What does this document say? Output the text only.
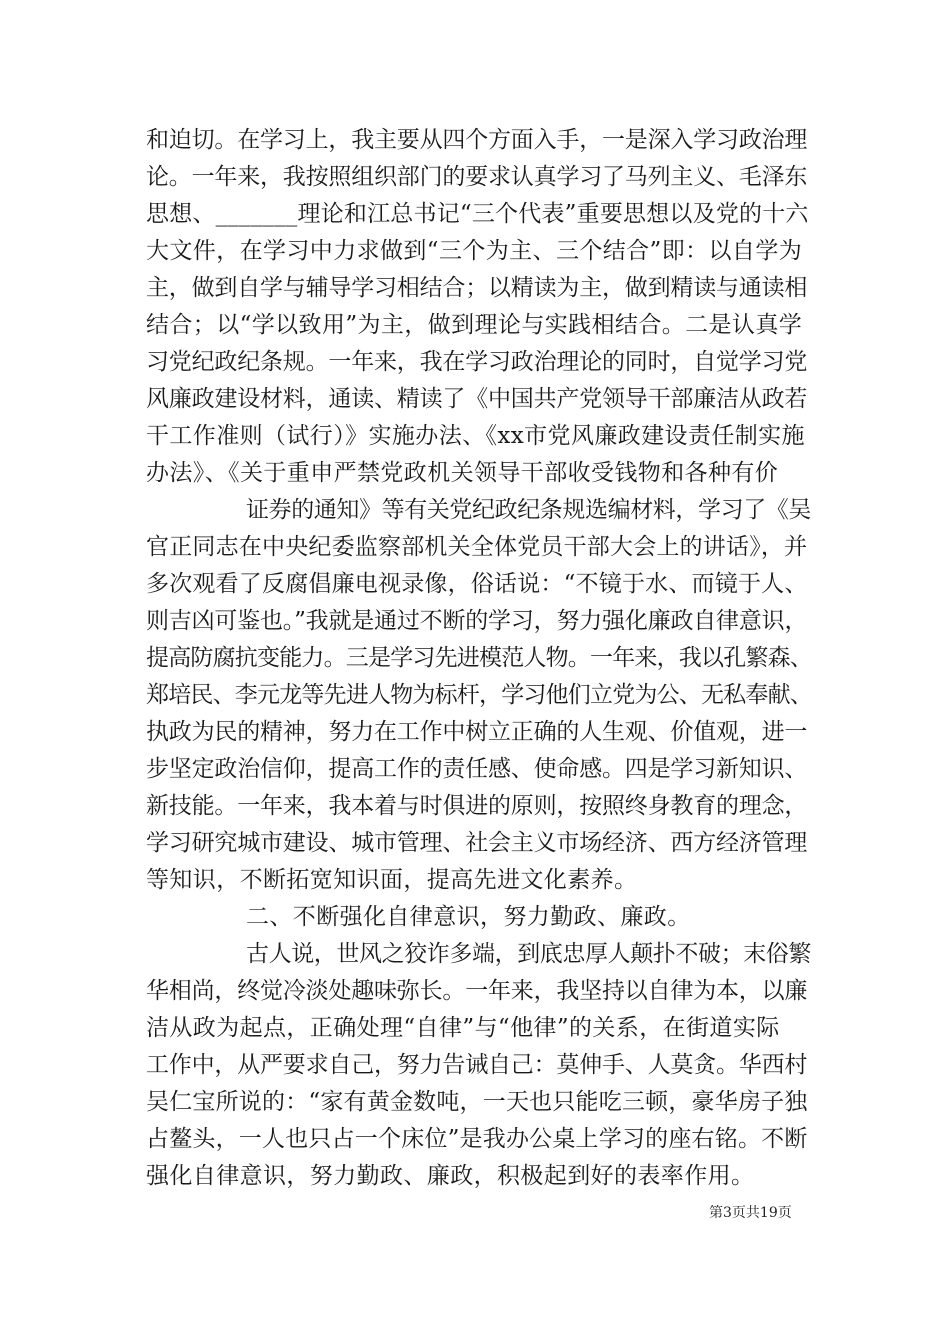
和迫切。在学习上，我主要从四个方面入手，一是深入学习政治理
论。一年来，我按照组织部门的要求认真学习了马列主义、毛泽东
思想、_______理论和江总书记“三个代表”重要思想以及党的十六
大文件，在学习中力求做到“三个为主、三个结合”即：以自学为
主，做到自学与辅导学习相结合；以精读为主，做到精读与通读相
结合；以“学以致用”为主，做到理论与实践相结合。二是认真学
习党纪政纪条规。一年来，我在学习政治理论的同时，自觉学习党
风廉政建设材料，通读、精读了《中国共产党领导干部廉洁从政若
干工作准则（试行）》实施办法、《xx市党风廉政建设责任制实施
办法》、《关于重申严禁党政机关领导干部收受钱物和各种有价
证券的通知》等有关党纪政纪条规选编材料，学习了《吴
官正同志在中央纪委监察部机关全体党员干部大会上的讲话》，并
多次观看了反腐倡廉电视录像，俗话说：“不镜于水、而镜于人、
则吉凶可鉴也。”我就是通过不断的学习，努力强化廉政自律意识，
提高防腐抗变能力。三是学习先进模范人物。一年来，我以孔繁森、
郑培民、李元龙等先进人物为标杆，学习他们立党为公、无私奉献、
执政为民的精神，努力在工作中树立正确的人生观、价值观，进一
步坚定政治信仰，提高工作的责任感、使命感。四是学习新知识、
新技能。一年来，我本着与时俱进的原则，按照终身教育的理念，
学习研究城市建设、城市管理、社会主义市场经济、西方经济管理
等知识，不断拓宽知识面，提高先进文化素养。
二、不断强化自律意识，努力勤政、廉政。
古人说，世风之狡诈多端，到底忠厚人颠扑不破；末俗繁
华相尚，终觉冷淡处趣味弥长。一年来，我坚持以自律为本，以廉
洁从政为起点，正确处理“自律”与“他律”的关系，在街道实际
工作中，从严要求自己，努力告诫自己：莫伸手、人莫贪。华西村
吴仁宝所说的：“家有黄金数吨，一天也只能吃三顿，豪华房子独
占鳌头，一人也只占一个床位”是我办公桌上学习的座右铭。不断
强化自律意识，努力勤政、廉政，积极起到好的表率作用。
第3页共19页
